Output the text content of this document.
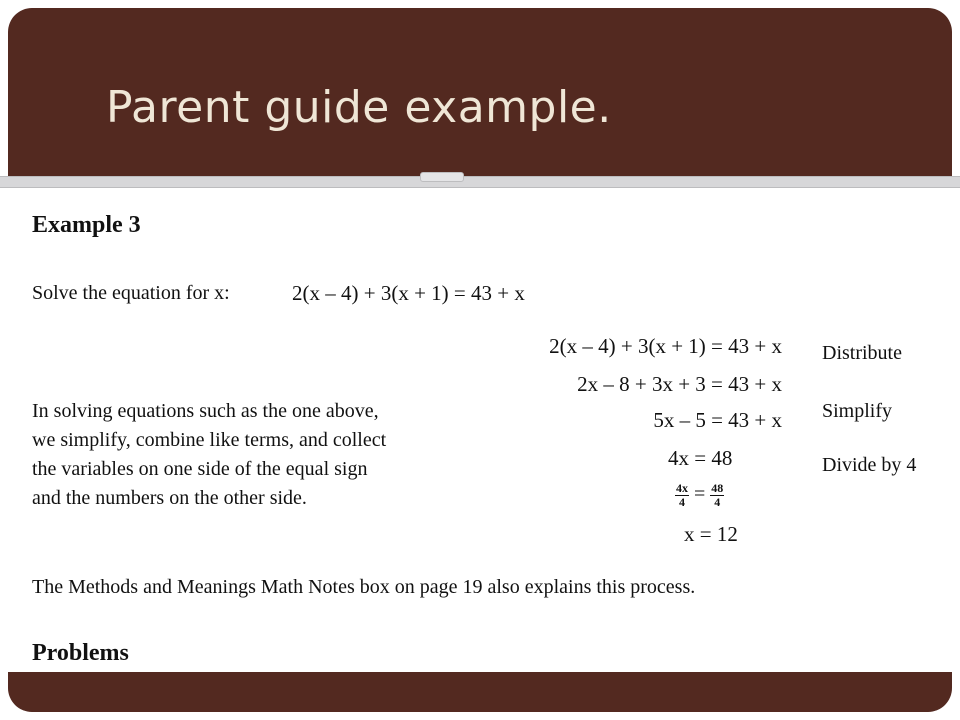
Parent guide example.
Example 3
Solve the equation for x:	2(x – 4) + 3(x + 1) = 43 + x
2(x – 4) + 3(x + 1) = 43 + x
2x – 8 + 3x + 3 = 43 + x
5x – 5 = 43 + x
4x = 48
$\frac{4x}{4} = \frac{48}{4}$
x = 12
Distribute
Simplify
Divide by 4
In solving equations such as the one above,
we simplify, combine like terms, and collect
the variables on one side of the equal sign
and the numbers on the other side.
The Methods and Meanings Math Notes box on page 19 also explains this process.
Problems
